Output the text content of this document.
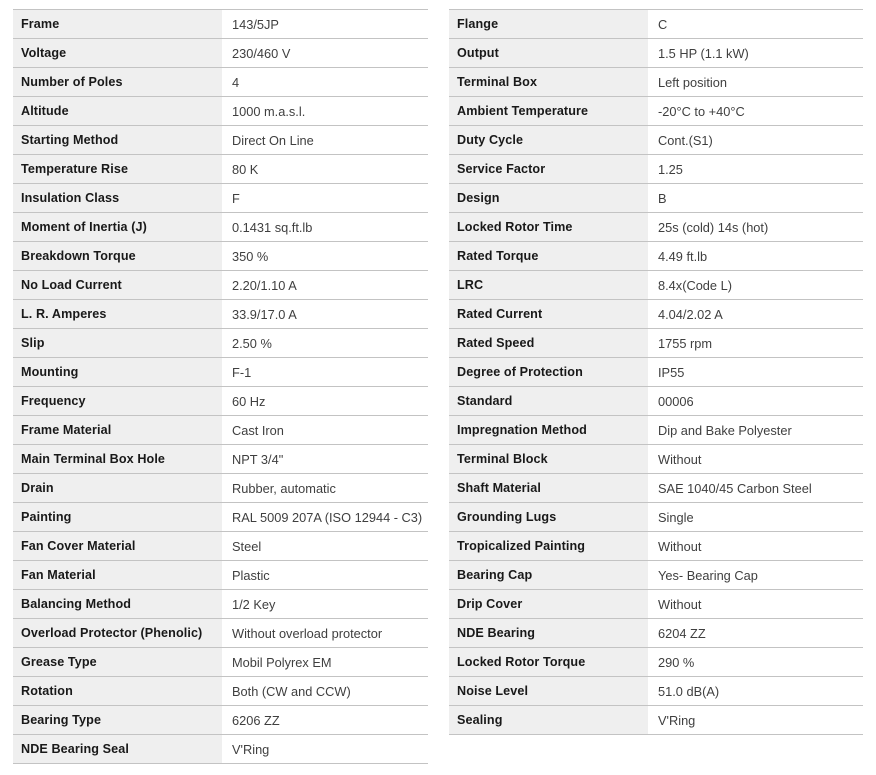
Frame	143/5JP
Voltage	230/460 V
Number of Poles	4
Altitude	1000 m.a.s.l.
Starting Method	Direct On Line
Temperature Rise	80 K
Insulation Class	F
Moment of Inertia (J)	0.1431 sq.ft.lb
Breakdown Torque	350 %
No Load Current	2.20/1.10 A
L. R. Amperes	33.9/17.0 A
Slip	2.50 %
Mounting	F-1
Frequency	60 Hz
Frame Material	Cast Iron
Main Terminal Box Hole	NPT 3/4"
Drain	Rubber, automatic
Painting	RAL 5009 207A (ISO 12944 - C3)
Fan Cover Material	Steel
Fan Material	Plastic
Balancing Method	1/2 Key
Overload Protector (Phenolic)	Without overload protector
Grease Type	Mobil Polyrex EM
Rotation	Both (CW and CCW)
Bearing Type	6206 ZZ
NDE Bearing Seal	V'Ring
Flange	C
Output	1.5 HP (1.1 kW)
Terminal Box	Left position
Ambient Temperature	-20°C to +40°C
Duty Cycle	Cont.(S1)
Service Factor	1.25
Design	B
Locked Rotor Time	25s (cold) 14s (hot)
Rated Torque	4.49 ft.lb
LRC	8.4x(Code L)
Rated Current	4.04/2.02 A
Rated Speed	1755 rpm
Degree of Protection	IP55
Standard	00006
Impregnation Method	Dip and Bake Polyester
Terminal Block	Without
Shaft Material	SAE 1040/45 Carbon Steel
Grounding Lugs	Single
Tropicalized Painting	Without
Bearing Cap	Yes- Bearing Cap
Drip Cover	Without
NDE Bearing	6204 ZZ
Locked Rotor Torque	290 %
Noise Level	51.0 dB(A)
Sealing	V'Ring
